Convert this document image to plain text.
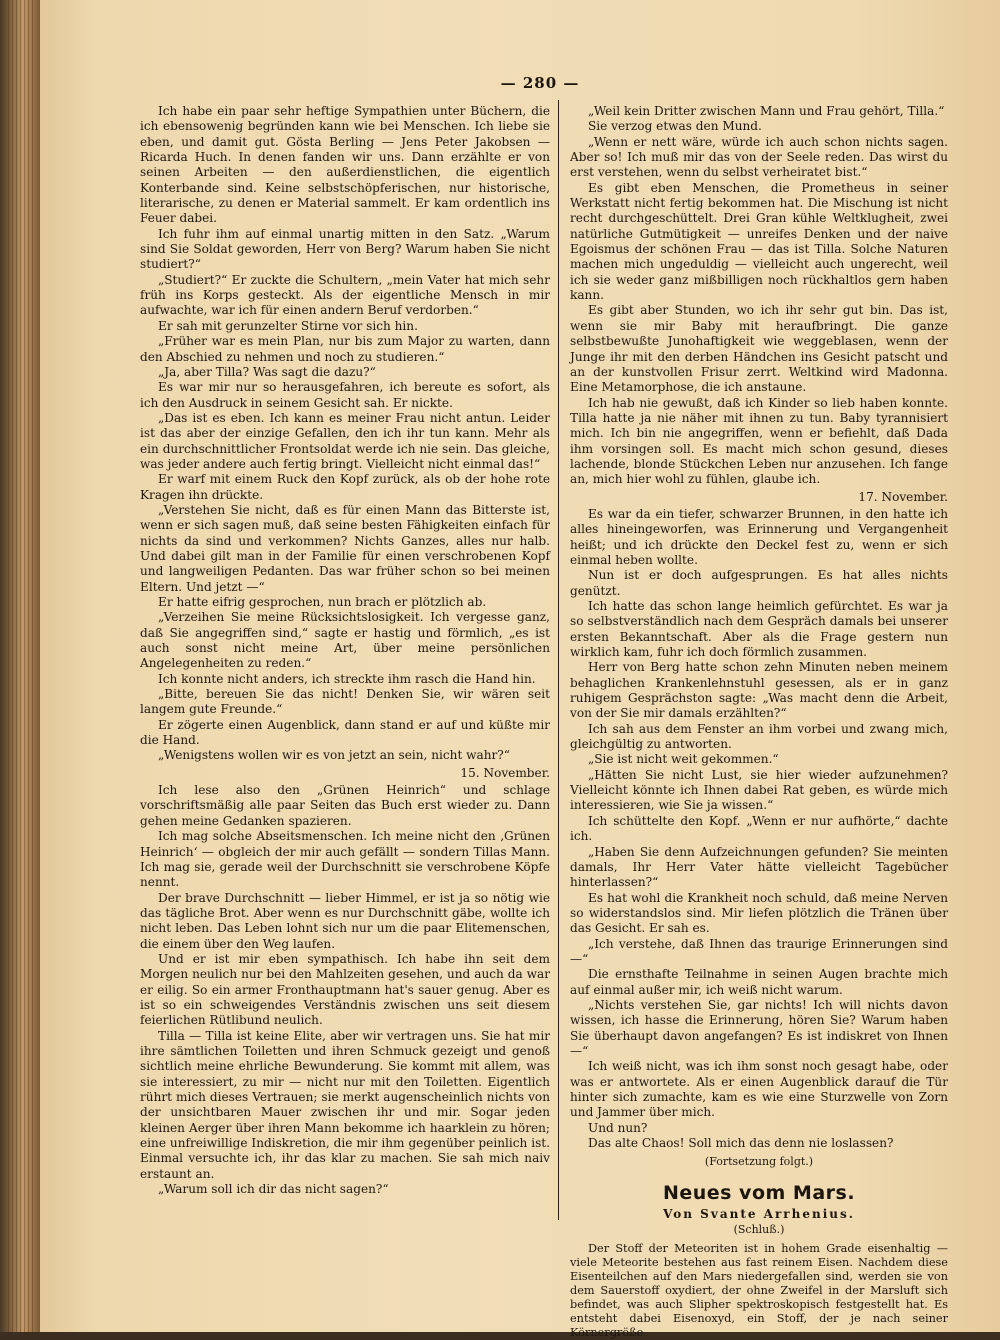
— 280 —

Ich habe ein paar sehr heftige Sympathien unter Büchern, die ich ebensowenig begründen kann wie bei Menschen. Ich liebe sie eben, und damit gut. Gösta Berling — Jens Peter Jakobsen — Ricarda Huch. In denen fanden wir uns. Dann erzählte er von seinen Arbeiten — den außerdienstlichen, die eigentlich Konterbande sind. Keine selbstschöpferischen, nur historische, literarische, zu denen er Material sammelt. Er kam ordentlich ins Feuer dabei.

Ich fuhr ihm auf einmal unartig mitten in den Satz. „Warum sind Sie Soldat geworden, Herr von Berg? Warum haben Sie nicht studiert?“

„Studiert?“ Er zuckte die Schultern, „mein Vater hat mich sehr früh ins Korps gesteckt. Als der eigentliche Mensch in mir aufwachte, war ich für einen andern Beruf verdorben.“

Er sah mit gerunzelter Stirne vor sich hin.

„Früher war es mein Plan, nur bis zum Major zu warten, dann den Abschied zu nehmen und noch zu studieren.“

„Ja, aber Tilla? Was sagt die dazu?“

Es war mir nur so herausgefahren, ich bereute es sofort, als ich den Ausdruck in seinem Gesicht sah. Er nickte.

„Das ist es eben. Ich kann es meiner Frau nicht antun. Leider ist das aber der einzige Gefallen, den ich ihr tun kann. Mehr als ein durchschnittlicher Frontsoldat werde ich nie sein. Das gleiche, was jeder andere auch fertig bringt. Vielleicht nicht einmal das!“

Er warf mit einem Ruck den Kopf zurück, als ob der hohe rote Kragen ihn drückte.

„Verstehen Sie nicht, daß es für einen Mann das Bitterste ist, wenn er sich sagen muß, daß seine besten Fähigkeiten einfach für nichts da sind und verkommen? Nichts Ganzes, alles nur halb. Und dabei gilt man in der Familie für einen verschrobenen Kopf und langweiligen Pedanten. Das war früher schon so bei meinen Eltern. Und jetzt —“

Er hatte eifrig gesprochen, nun brach er plötzlich ab.

„Verzeihen Sie meine Rücksichtslosigkeit. Ich vergesse ganz, daß Sie angegriffen sind,“ sagte er hastig und förmlich, „es ist auch sonst nicht meine Art, über meine persönlichen Angelegenheiten zu reden.“

Ich konnte nicht anders, ich streckte ihm rasch die Hand hin.

„Bitte, bereuen Sie das nicht! Denken Sie, wir wären seit langem gute Freunde.“

Er zögerte einen Augenblick, dann stand er auf und küßte mir die Hand.

„Wenigstens wollen wir es von jetzt an sein, nicht wahr?“

15. November.

Ich lese also den „Grünen Heinrich“ und schlage vorschriftsmäßig alle paar Seiten das Buch erst wieder zu. Dann gehen meine Gedanken spazieren.

Ich mag solche Abseitsmenschen. Ich meine nicht den ‚Grünen Heinrich‘ — obgleich der mir auch gefällt — sondern Tillas Mann. Ich mag sie, gerade weil der Durchschnitt sie verschrobene Köpfe nennt.

Der brave Durchschnitt — lieber Himmel, er ist ja so nötig wie das tägliche Brot. Aber wenn es nur Durchschnitt gäbe, wollte ich nicht leben. Das Leben lohnt sich nur um die paar Elitemenschen, die einem über den Weg laufen.

Und er ist mir eben sympathisch. Ich habe ihn seit dem Morgen neulich nur bei den Mahlzeiten gesehen, und auch da war er eilig. So ein armer Fronthauptmann hat's sauer genug. Aber es ist so ein schweigendes Verständnis zwischen uns seit diesem feierlichen Rütlibund neulich.

Tilla — Tilla ist keine Elite, aber wir vertragen uns. Sie hat mir ihre sämtlichen Toiletten und ihren Schmuck gezeigt und genoß sichtlich meine ehrliche Bewunderung. Sie kommt mit allem, was sie interessiert, zu mir — nicht nur mit den Toiletten. Eigentlich rührt mich dieses Vertrauen; sie merkt augenscheinlich nichts von der unsichtbaren Mauer zwischen ihr und mir. Sogar jeden kleinen Aerger über ihren Mann bekomme ich haarklein zu hören; eine unfreiwillige Indiskretion, die mir ihm gegenüber peinlich ist. Einmal versuchte ich, ihr das klar zu machen. Sie sah mich naiv erstaunt an.

„Warum soll ich dir das nicht sagen?“

„Weil kein Dritter zwischen Mann und Frau gehört, Tilla.“

Sie verzog etwas den Mund.

„Wenn er nett wäre, würde ich auch schon nichts sagen. Aber so! Ich muß mir das von der Seele reden. Das wirst du erst verstehen, wenn du selbst verheiratet bist.“

Es gibt eben Menschen, die Prometheus in seiner Werkstatt nicht fertig bekommen hat. Die Mischung ist nicht recht durchgeschüttelt. Drei Gran kühle Weltklugheit, zwei natürliche Gutmütigkeit — unreifes Denken und der naive Egoismus der schönen Frau — das ist Tilla. Solche Naturen machen mich ungeduldig — vielleicht auch ungerecht, weil ich sie weder ganz mißbilligen noch rückhaltlos gern haben kann.

Es gibt aber Stunden, wo ich ihr sehr gut bin. Das ist, wenn sie mir Baby mit heraufbringt. Die ganze selbstbewußte Junohaftigkeit wie weggeblasen, wenn der Junge ihr mit den derben Händchen ins Gesicht patscht und an der kunstvollen Frisur zerrt. Weltkind wird Madonna. Eine Metamorphose, die ich anstaune.

Ich hab nie gewußt, daß ich Kinder so lieb haben konnte. Tilla hatte ja nie näher mit ihnen zu tun. Baby tyrannisiert mich. Ich bin nie angegriffen, wenn er befiehlt, daß Dada ihm vorsingen soll. Es macht mich schon gesund, dieses lachende, blonde Stückchen Leben nur anzusehen. Ich fange an, mich hier wohl zu fühlen, glaube ich.

17. November.

Es war da ein tiefer, schwarzer Brunnen, in den hatte ich alles hineingeworfen, was Erinnerung und Vergangenheit heißt; und ich drückte den Deckel fest zu, wenn er sich einmal heben wollte.

Nun ist er doch aufgesprungen. Es hat alles nichts genützt.

Ich hatte das schon lange heimlich gefürchtet. Es war ja so selbstverständlich nach dem Gespräch damals bei unserer ersten Bekanntschaft. Aber als die Frage gestern nun wirklich kam, fuhr ich doch förmlich zusammen.

Herr von Berg hatte schon zehn Minuten neben meinem behaglichen Krankenlehnstuhl gesessen, als er in ganz ruhigem Gesprächston sagte: „Was macht denn die Arbeit, von der Sie mir damals erzählten?“

Ich sah aus dem Fenster an ihm vorbei und zwang mich, gleichgültig zu antworten.

„Sie ist nicht weit gekommen.“

„Hätten Sie nicht Lust, sie hier wieder aufzunehmen? Vielleicht könnte ich Ihnen dabei Rat geben, es würde mich interessieren, wie Sie ja wissen.“

Ich schüttelte den Kopf. „Wenn er nur aufhörte,“ dachte ich.

„Haben Sie denn Aufzeichnungen gefunden? Sie meinten damals, Ihr Herr Vater hätte vielleicht Tagebücher hinterlassen?“

Es hat wohl die Krankheit noch schuld, daß meine Nerven so widerstandslos sind. Mir liefen plötzlich die Tränen über das Gesicht. Er sah es.

„Ich verstehe, daß Ihnen das traurige Erinnerungen sind —“

Die ernsthafte Teilnahme in seinen Augen brachte mich auf einmal außer mir, ich weiß nicht warum.

„Nichts verstehen Sie, gar nichts! Ich will nichts davon wissen, ich hasse die Erinnerung, hören Sie? Warum haben Sie überhaupt davon angefangen? Es ist indiskret von Ihnen —“

Ich weiß nicht, was ich ihm sonst noch gesagt habe, oder was er antwortete. Als er einen Augenblick darauf die Tür hinter sich zumachte, kam es wie eine Sturzwelle von Zorn und Jammer über mich.

Und nun?

Das alte Chaos! Soll mich das denn nie loslassen?

(Fortsetzung folgt.)
Neues vom Mars.
Von Svante Arrhenius.
(Schluß.)

Der Stoff der Meteoriten ist in hohem Grade eisenhaltig — viele Meteorite bestehen aus fast reinem Eisen. Nachdem diese Eisenteilchen auf den Mars niedergefallen sind, werden sie von dem Sauerstoff oxydiert, der ohne Zweifel in der Marsluft sich befindet, was auch Slipher spektroskopisch festgestellt hat. Es entsteht dabei Eisenoxyd, ein Stoff, der je nach seiner Körnergröße
